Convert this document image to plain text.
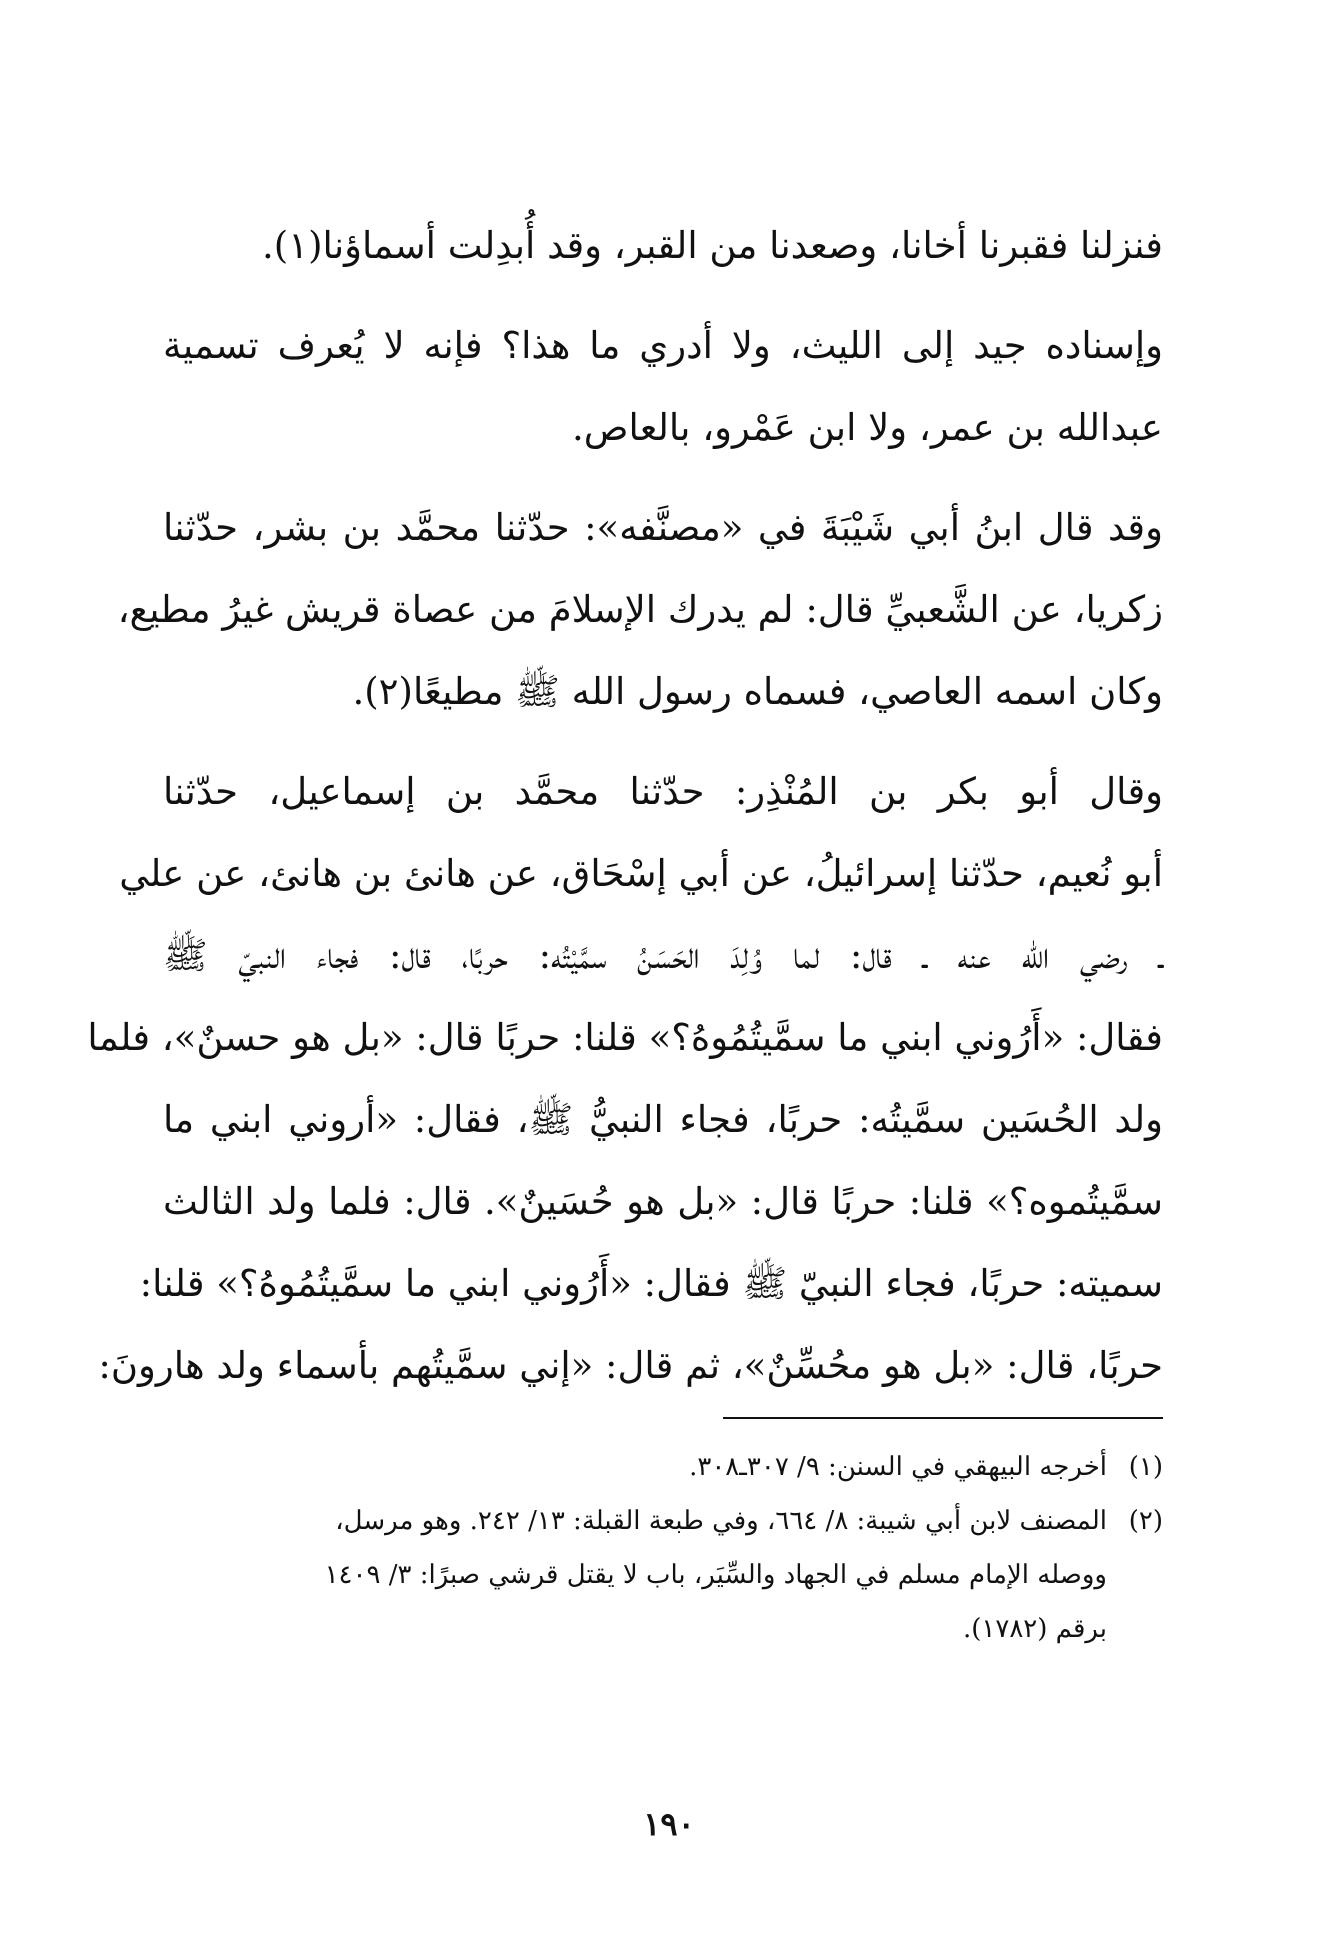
فنزلنا فقبرنا أخانا، وصعدنا من القبر، وقد أُبدِلت أسماؤنا(١).
وإسناده جيد إلى الليث، ولا أدري ما هذا؟ فإنه لا يُعرف تسمية
عبدالله بن عمر، ولا ابن عَمْرو، بالعاص.
وقد قال ابنُ أبي شَيْبَةَ في «مصنَّفه»: حدّثنا محمَّد بن بشر، حدّثنا
زكريا، عن الشَّعبيِّ قال: لم يدرك الإسلامَ من عصاة قريش غيرُ مطيع،
وكان اسمه العاصي، فسماه رسول الله ﷺ مطيعًا(٢).
وقال أبو بكر بن المُنْذِر: حدّثنا محمَّد بن إسماعيل، حدّثنا
أبو نُعيم، حدّثنا إسرائيلُ، عن أبي إسْحَاق، عن هانئ بن هانئ، عن علي
ـ رضي الله عنه ـ قال: لما وُلِدَ الحَسَنُ سمَّيْتُه: حربًا، قال: فجاء النبيّ ﷺ
فقال: «أَرُوني ابني ما سمَّيتُمُوهُ؟» قلنا: حربًا قال: «بل هو حسنٌ»، فلما
ولد الحُسَين سمَّيتُه: حربًا، فجاء النبيُّ ﷺ، فقال: «أروني ابني ما
سمَّيتُموه؟» قلنا: حربًا قال: «بل هو حُسَينٌ». قال: فلما ولد الثالث
سميته: حربًا، فجاء النبيّ ﷺ فقال: «أَرُوني ابني ما سمَّيتُمُوهُ؟» قلنا:
حربًا، قال: «بل هو محُسِّنٌ»، ثم قال: «إني سمَّيتُهم بأسماء ولد هارونَ:
(١)أخرجه البيهقي في السنن: ٩/ ٣٠٧ـ٣٠٨.
(٢)المصنف لابن أبي شيبة: ٨/ ٦٦٤، وفي طبعة القبلة: ١٣/ ٢٤٢. وهو مرسل،
ووصله الإمام مسلم في الجهاد والسِّيَر، باب لا يقتل قرشي صبرًا: ٣/ ١٤٠٩
برقم (١٧٨٢).
١٩٠
